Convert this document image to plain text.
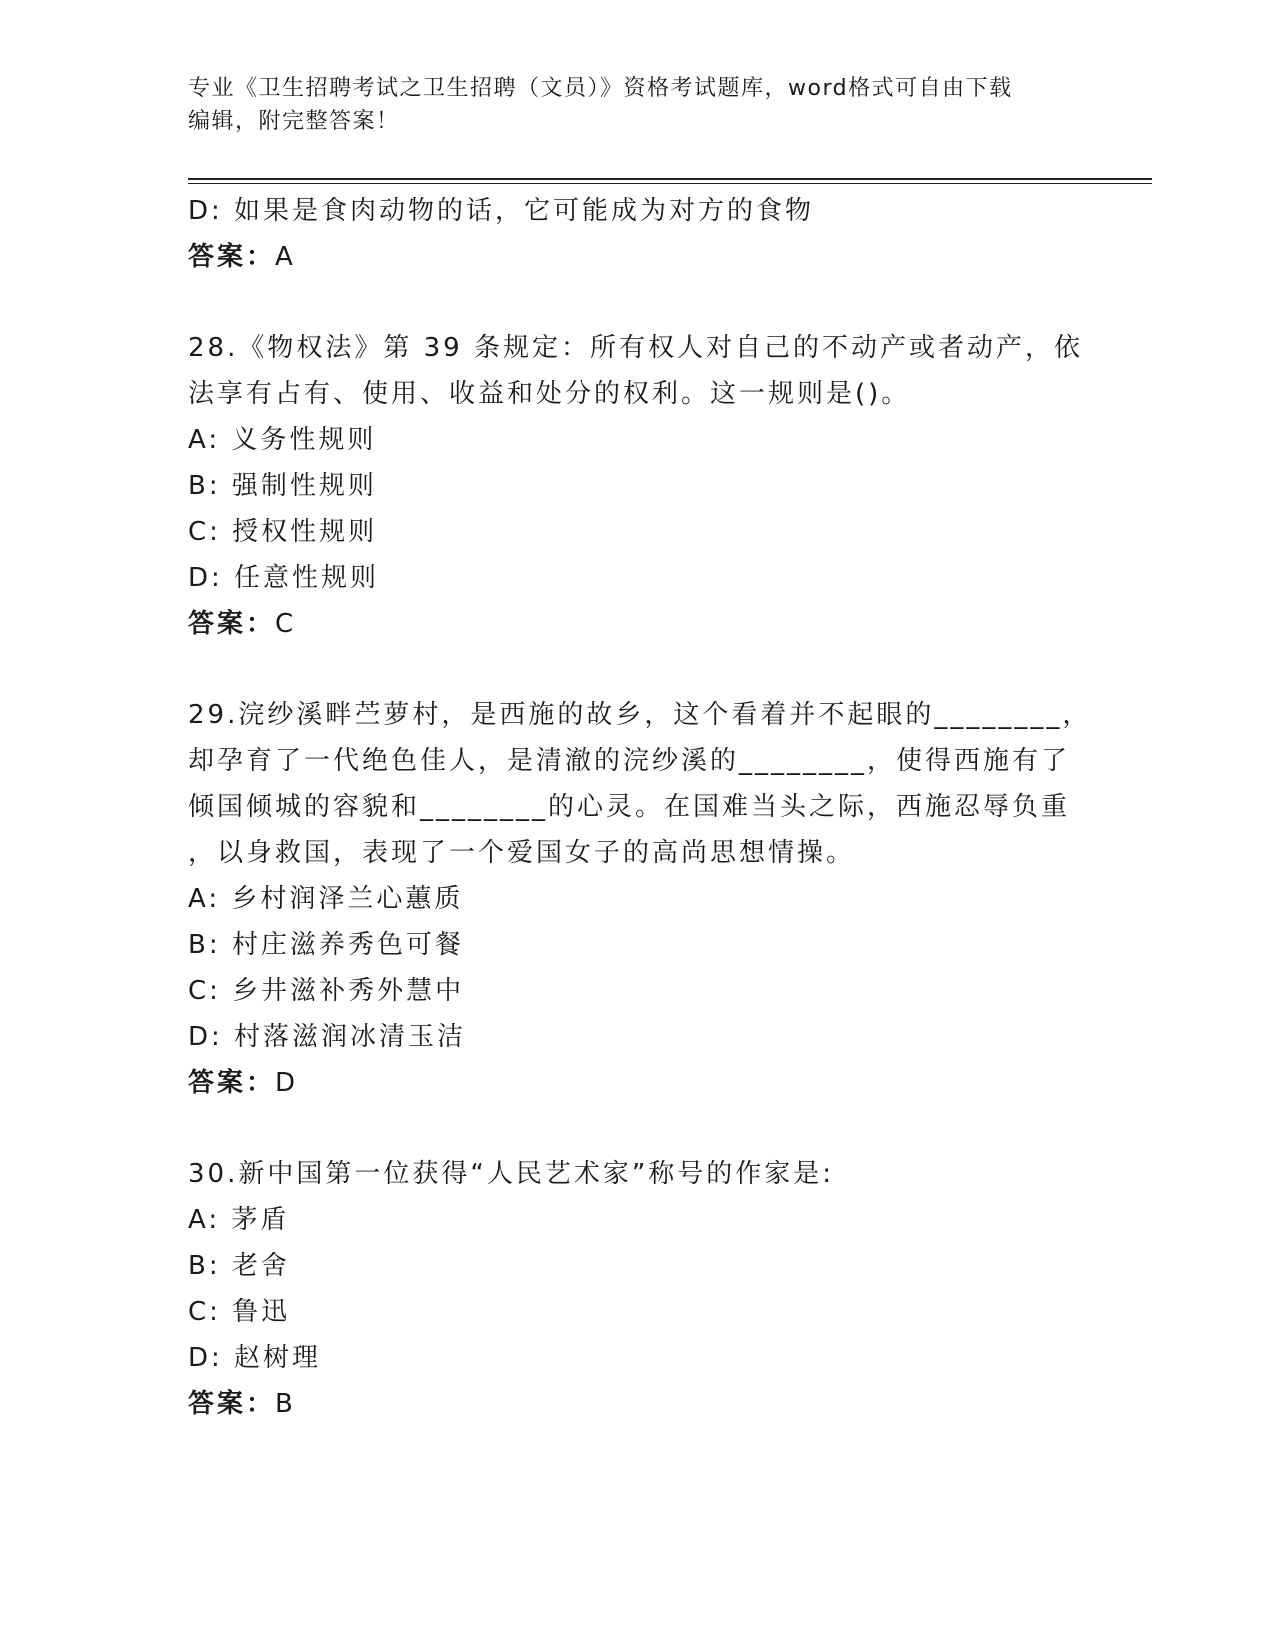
专业《卫生招聘考试之卫生招聘（文员）》资格考试题库，word格式可自由下载
编辑，附完整答案！
D: 如果是食肉动物的话，它可能成为对方的食物
答案：A
28.《物权法》第 39 条规定：所有权人对自己的不动产或者动产，依
法享有占有、使用、收益和处分的权利。这一规则是()。
A: 义务性规则
B: 强制性规则
C: 授权性规则
D: 任意性规则
答案：C
29.浣纱溪畔苎萝村，是西施的故乡，这个看着并不起眼的________，
却孕育了一代绝色佳人，是清澈的浣纱溪的________，使得西施有了
倾国倾城的容貌和________的心灵。在国难当头之际，西施忍辱负重
，以身救国，表现了一个爱国女子的高尚思想情操。
A: 乡村润泽兰心蕙质
B: 村庄滋养秀色可餐
C: 乡井滋补秀外慧中
D: 村落滋润冰清玉洁
答案：D
30.新中国第一位获得“人民艺术家”称号的作家是:
A: 茅盾
B: 老舍
C: 鲁迅
D: 赵树理
答案：B
